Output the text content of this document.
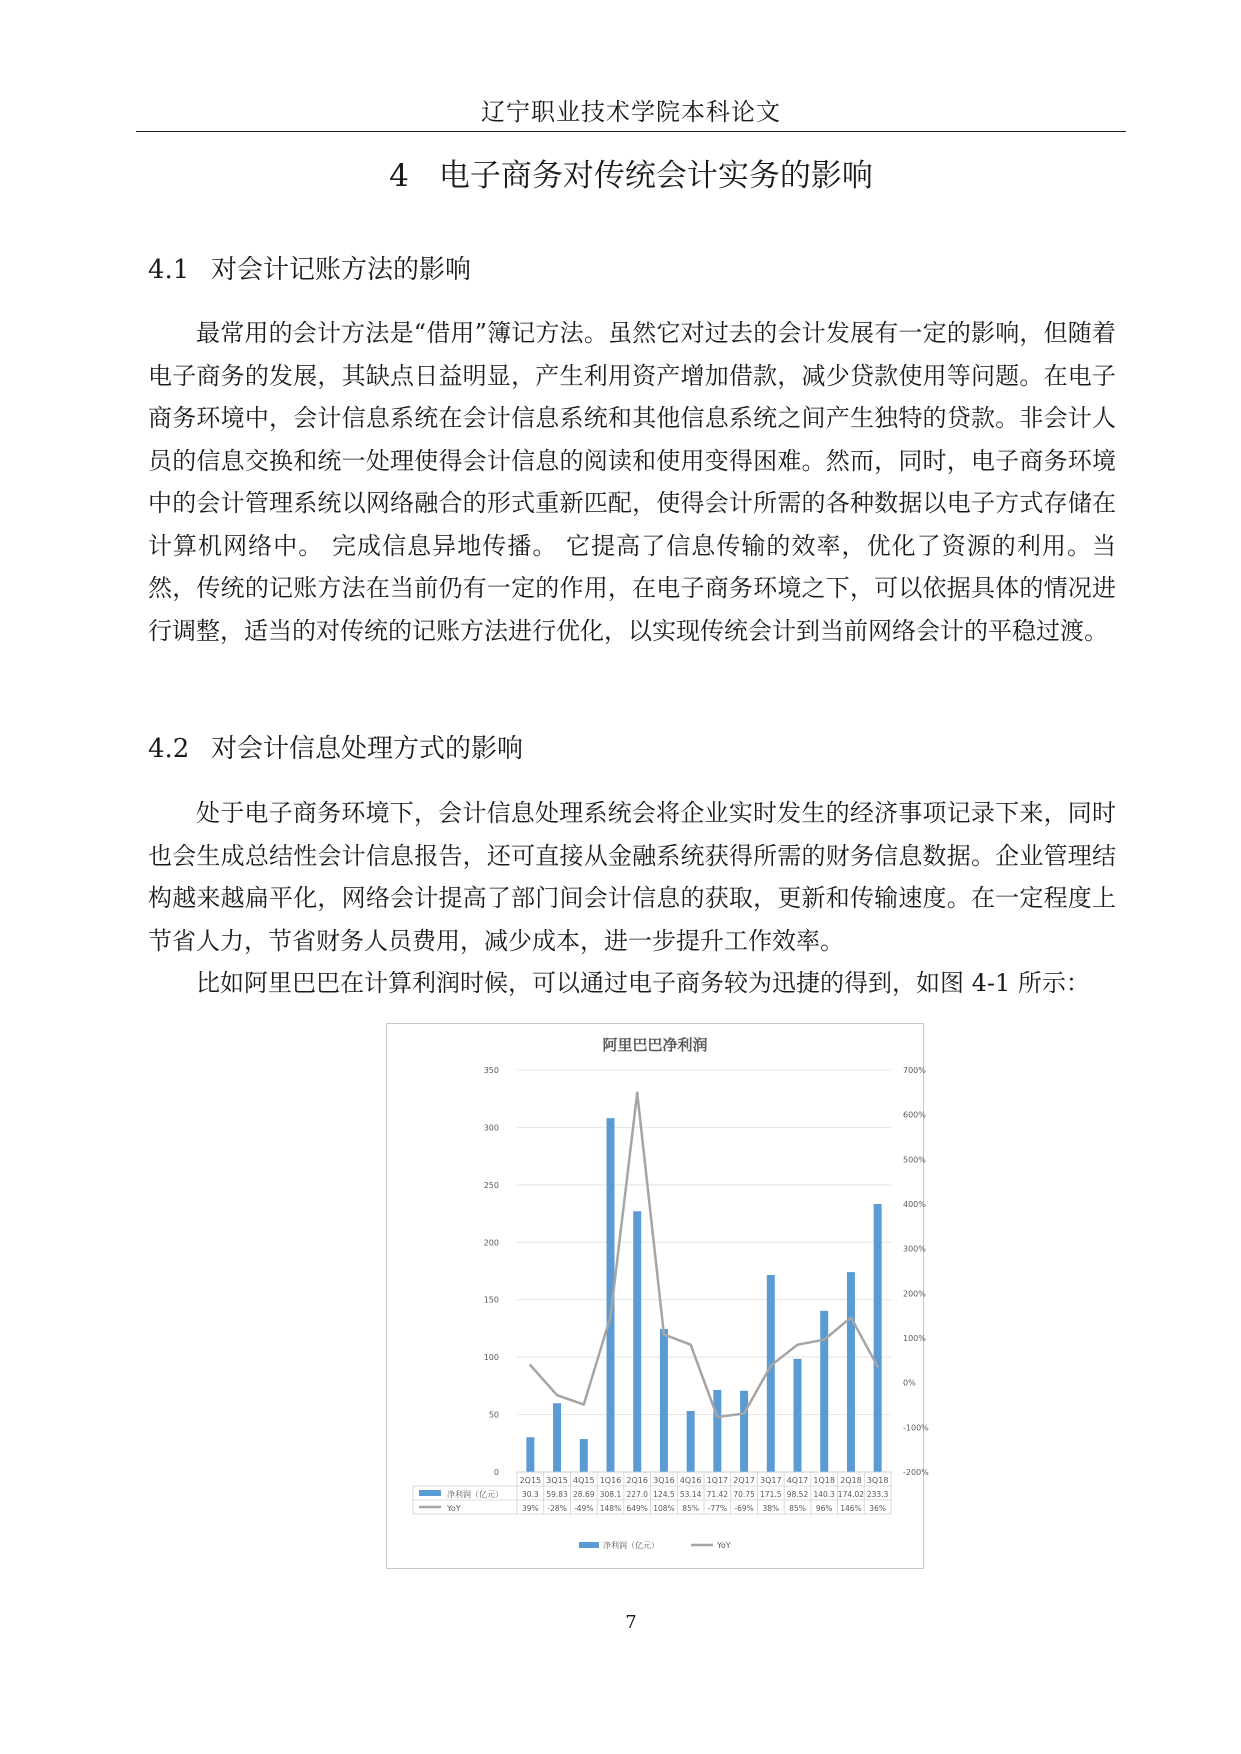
辽宁职业技术学院本科论文
4 电子商务对传统会计实务的影响
4.1 对会计记账方法的影响

最常用的会计方法是“借用”簿记方法。虽然它对过去的会计发展有一定的影响，但随着电子商务的发展，其缺点日益明显，产生利用资产增加借款，减少贷款使用等问题。在电子商务环境中，会计信息系统在会计信息系统和其他信息系统之间产生独特的贷款。非会计人员的信息交换和统一处理使得会计信息的阅读和使用变得困难。然而，同时，电子商务环境中的会计管理系统以网络融合的形式重新匹配，使得会计所需的各种数据以电子方式存储在计算机网络中。 完成信息异地传播。 它提高了信息传输的效率，优化了资源的利用。当然，传统的记账方法在当前仍有一定的作用，在电子商务环境之下，可以依据具体的情况进行调整，适当的对传统的记账方法进行优化，以实现传统会计到当前网络会计的平稳过渡。

4.2 对会计信息处理方式的影响

处于电子商务环境下，会计信息处理系统会将企业实时发生的经济事项记录下来，同时也会生成总结性会计信息报告，还可直接从金融系统获得所需的财务信息数据。企业管理结构越来越扁平化，网络会计提高了部门间会计信息的获取，更新和传输速度。在一定程度上节省人力，节省财务人员费用，减少成本，进一步提升工作效率。

比如阿里巴巴在计算利润时候，可以通过电子商务较为迅捷的得到，如图 4-1 所示：

阿里巴巴净利润
0
50
100
150
200
250
300
350
-200%
-100%
0%
100%
200%
300%
400%
500%
600%
700%
2Q15 3Q15 4Q15 1Q16 2Q16 3Q16 4Q16 1Q17 2Q17 3Q17 4Q17 1Q18 2Q18 3Q18
30.3 59.83 28.69 308.1 227.0 124.5 53.14 71.42 70.75 171.5 98.52 140.3 174.02 233.3
39% -28% -49% 148% 649% 108% 85% -77% -69% 38% 85% 96% 146% 36%
净利润（亿元）
YoY
净利润（亿元）	YoY
7
